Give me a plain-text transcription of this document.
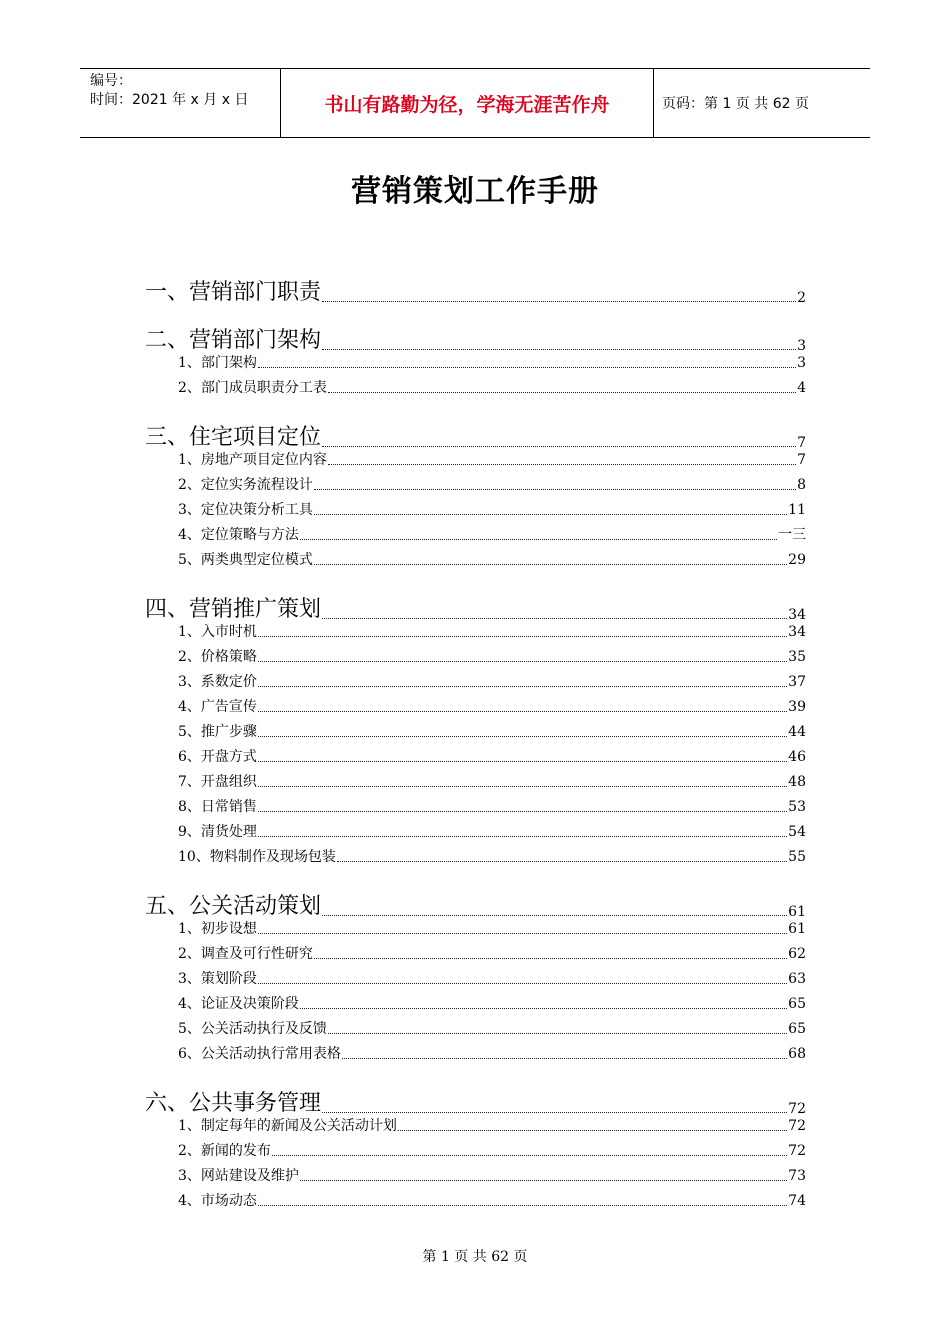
编号：
时间：2021 年 x 月 x 日	书山有路勤为径，学海无涯苦作舟	页码：第 1 页 共 62 页
营销策划工作手册
一、营销部门职责	2
二、营销部门架构	3
1、部门架构	3
2、部门成员职责分工表	4
三、住宅项目定位	7
1、房地产项目定位内容	7
2、定位实务流程设计	8
3、定位决策分析工具	11
4、定位策略与方法	一三
5、两类典型定位模式	29
四、营销推广策划	34
1、入市时机	34
2、价格策略	35
3、系数定价	37
4、广告宣传	39
5、推广步骤	44
6、开盘方式	46
7、开盘组织	48
8、日常销售	53
9、清货处理	54
10、物料制作及现场包装	55
五、公关活动策划	61
1、初步设想	61
2、调查及可行性研究	62
3、策划阶段	63
4、论证及决策阶段	65
5、公关活动执行及反馈	65
6、公关活动执行常用表格	68
六、公共事务管理	72
1、制定每年的新闻及公关活动计划	72
2、新闻的发布	72
3、网站建设及维护	73
4、市场动态	74
第 1 页 共 62 页
